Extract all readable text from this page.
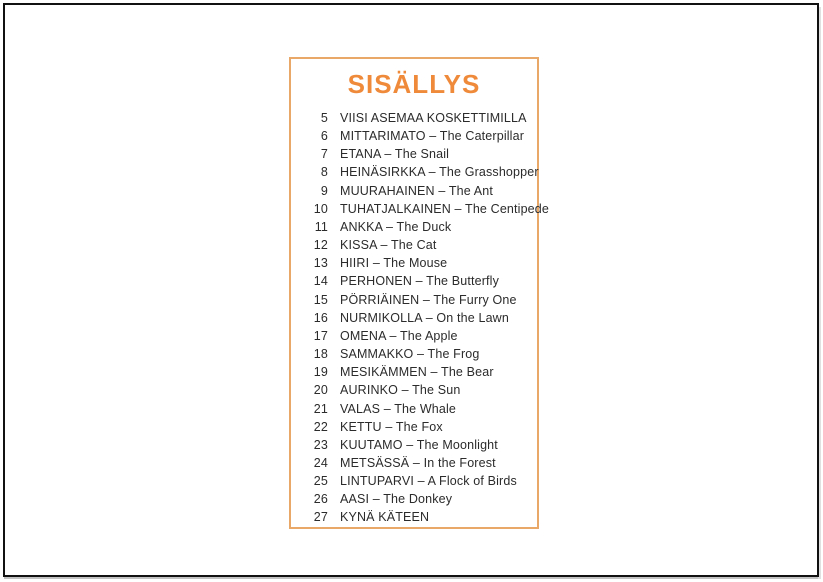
SISÄLLYS
5 VIISI ASEMAA KOSKETTIMILLA
6 MITTARIMATO – The Caterpillar
7 ETANA – The Snail
8 HEINÄSIRKKA – The Grasshopper
9 MUURAHAINEN – The Ant
10 TUHATJALKAINEN – The Centipede
11 ANKKA – The Duck
12 KISSA – The Cat
13 HIIRI – The Mouse
14 PERHONEN – The Butterfly
15 PÖRRIÄINEN – The Furry One
16 NURMIKOLLA – On the Lawn
17 OMENA – The Apple
18 SAMMAKKO – The Frog
19 MESIKÄMMEN – The Bear
20 AURINKO – The Sun
21 VALAS – The Whale
22 KETTU – The Fox
23 KUUTAMO – The Moonlight
24 METSÄSSÄ – In the Forest
25 LINTUPARVI – A Flock of Birds
26 AASI – The Donkey
27 KYNÄ KÄTEEN
